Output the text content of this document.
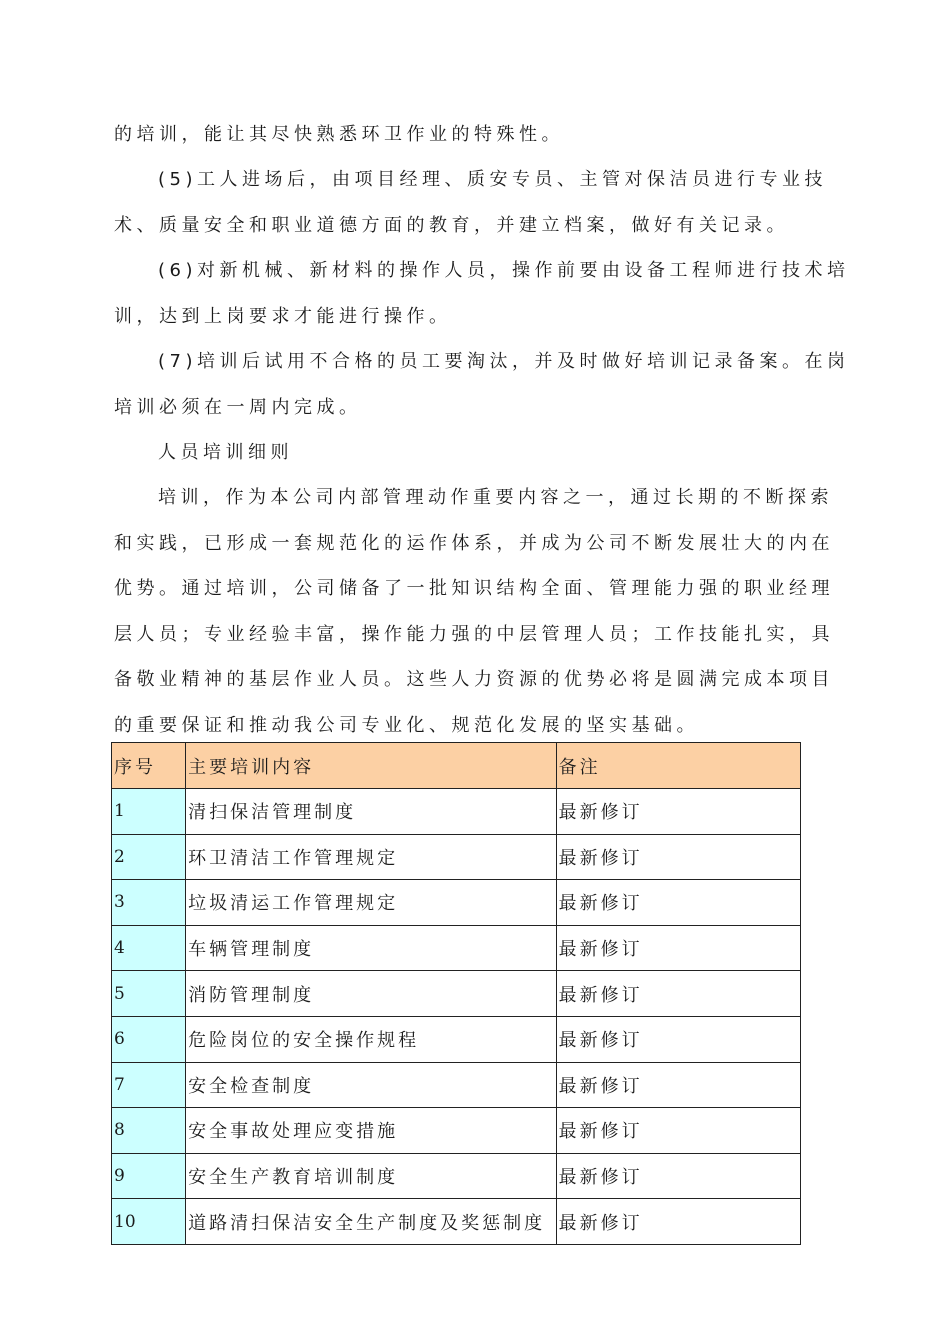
的培训，能让其尽快熟悉环卫作业的特殊性。

(5)工人进场后，由项目经理、质安专员、主管对保洁员进行专业技术、质量安全和职业道德方面的教育，并建立档案，做好有关记录。

(6)对新机械、新材料的操作人员，操作前要由设备工程师进行技术培训，达到上岗要求才能进行操作。

(7)培训后试用不合格的员工要淘汰，并及时做好培训记录备案。在岗培训必须在一周内完成。

人员培训细则

培训，作为本公司内部管理动作重要内容之一，通过长期的不断探索和实践，已形成一套规范化的运作体系，并成为公司不断发展壮大的内在优势。通过培训，公司储备了一批知识结构全面、管理能力强的职业经理层人员；专业经验丰富，操作能力强的中层管理人员；工作技能扎实，具备敬业精神的基层作业人员。这些人力资源的优势必将是圆满完成本项目的重要保证和推动我公司专业化、规范化发展的坚实基础。

序号	主要培训内容	备注
1	清扫保洁管理制度	最新修订
2	环卫清洁工作管理规定	最新修订
3	垃圾清运工作管理规定	最新修订
4	车辆管理制度	最新修订
5	消防管理制度	最新修订
6	危险岗位的安全操作规程	最新修订
7	安全检查制度	最新修订
8	安全事故处理应变措施	最新修订
9	安全生产教育培训制度	最新修订
10	道路清扫保洁安全生产制度及奖惩制度	最新修订
